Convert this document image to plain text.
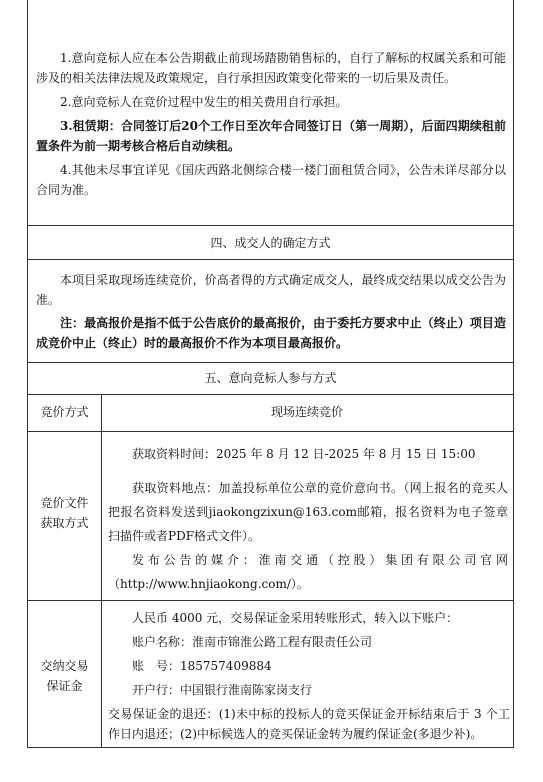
1.意向竞标人应在本公告期截止前现场踏勘销售标的，自行了解标的权属关系和可能涉及的相关法律法规及政策规定，自行承担因政策变化带来的一切后果及责任。

2.意向竞标人在竞价过程中发生的相关费用自行承担。

3.租赁期：合同签订后20个工作日至次年合同签订日（第一周期），后面四期续租前置条件为前一期考核合格后自动续租。

4.其他未尽事宜详见《国庆西路北侧综合楼一楼门面租赁合同》，公告未详尽部分以合同为准。

四、成交人的确定方式

本项目采取现场连续竞价，价高者得的方式确定成交人，最终成交结果以成交公告为准。

注：最高报价是指不低于公告底价的最高报价，由于委托方要求中止（终止）项目造成竞价中止（终止）时的最高报价不作为本项目最高报价。

五、意向竞标人参与方式

竞价方式	现场连续竞价

竞价文件

获取方式

获取资料时间：2025 年 8 月 12 日-2025 年 8 月 15 日 15:00

获取资料地点：加盖投标单位公章的竞价意向书。（网上报名的竞买人把报名资料发送到jiaokongzixun@163.com邮箱，报名资料为电子签章扫描件或者PDF格式文件）。

发布公告的媒介：淮南交通（控股）集团有限公司官网（http://www.hnjiaokong.com/）。

交纳交易

保证金

人民币 4000 元，交易保证金采用转账形式，转入以下账户：

账户名称：淮南市锦淮公路工程有限责任公司

账　号：185757409884

开户行：中国银行淮南陈家岗支行

交易保证金的退还：(1)未中标的投标人的竞买保证金开标结束后于 3 个工作日内退还；(2)中标候选人的竞买保证金转为履约保证金(多退少补)。
